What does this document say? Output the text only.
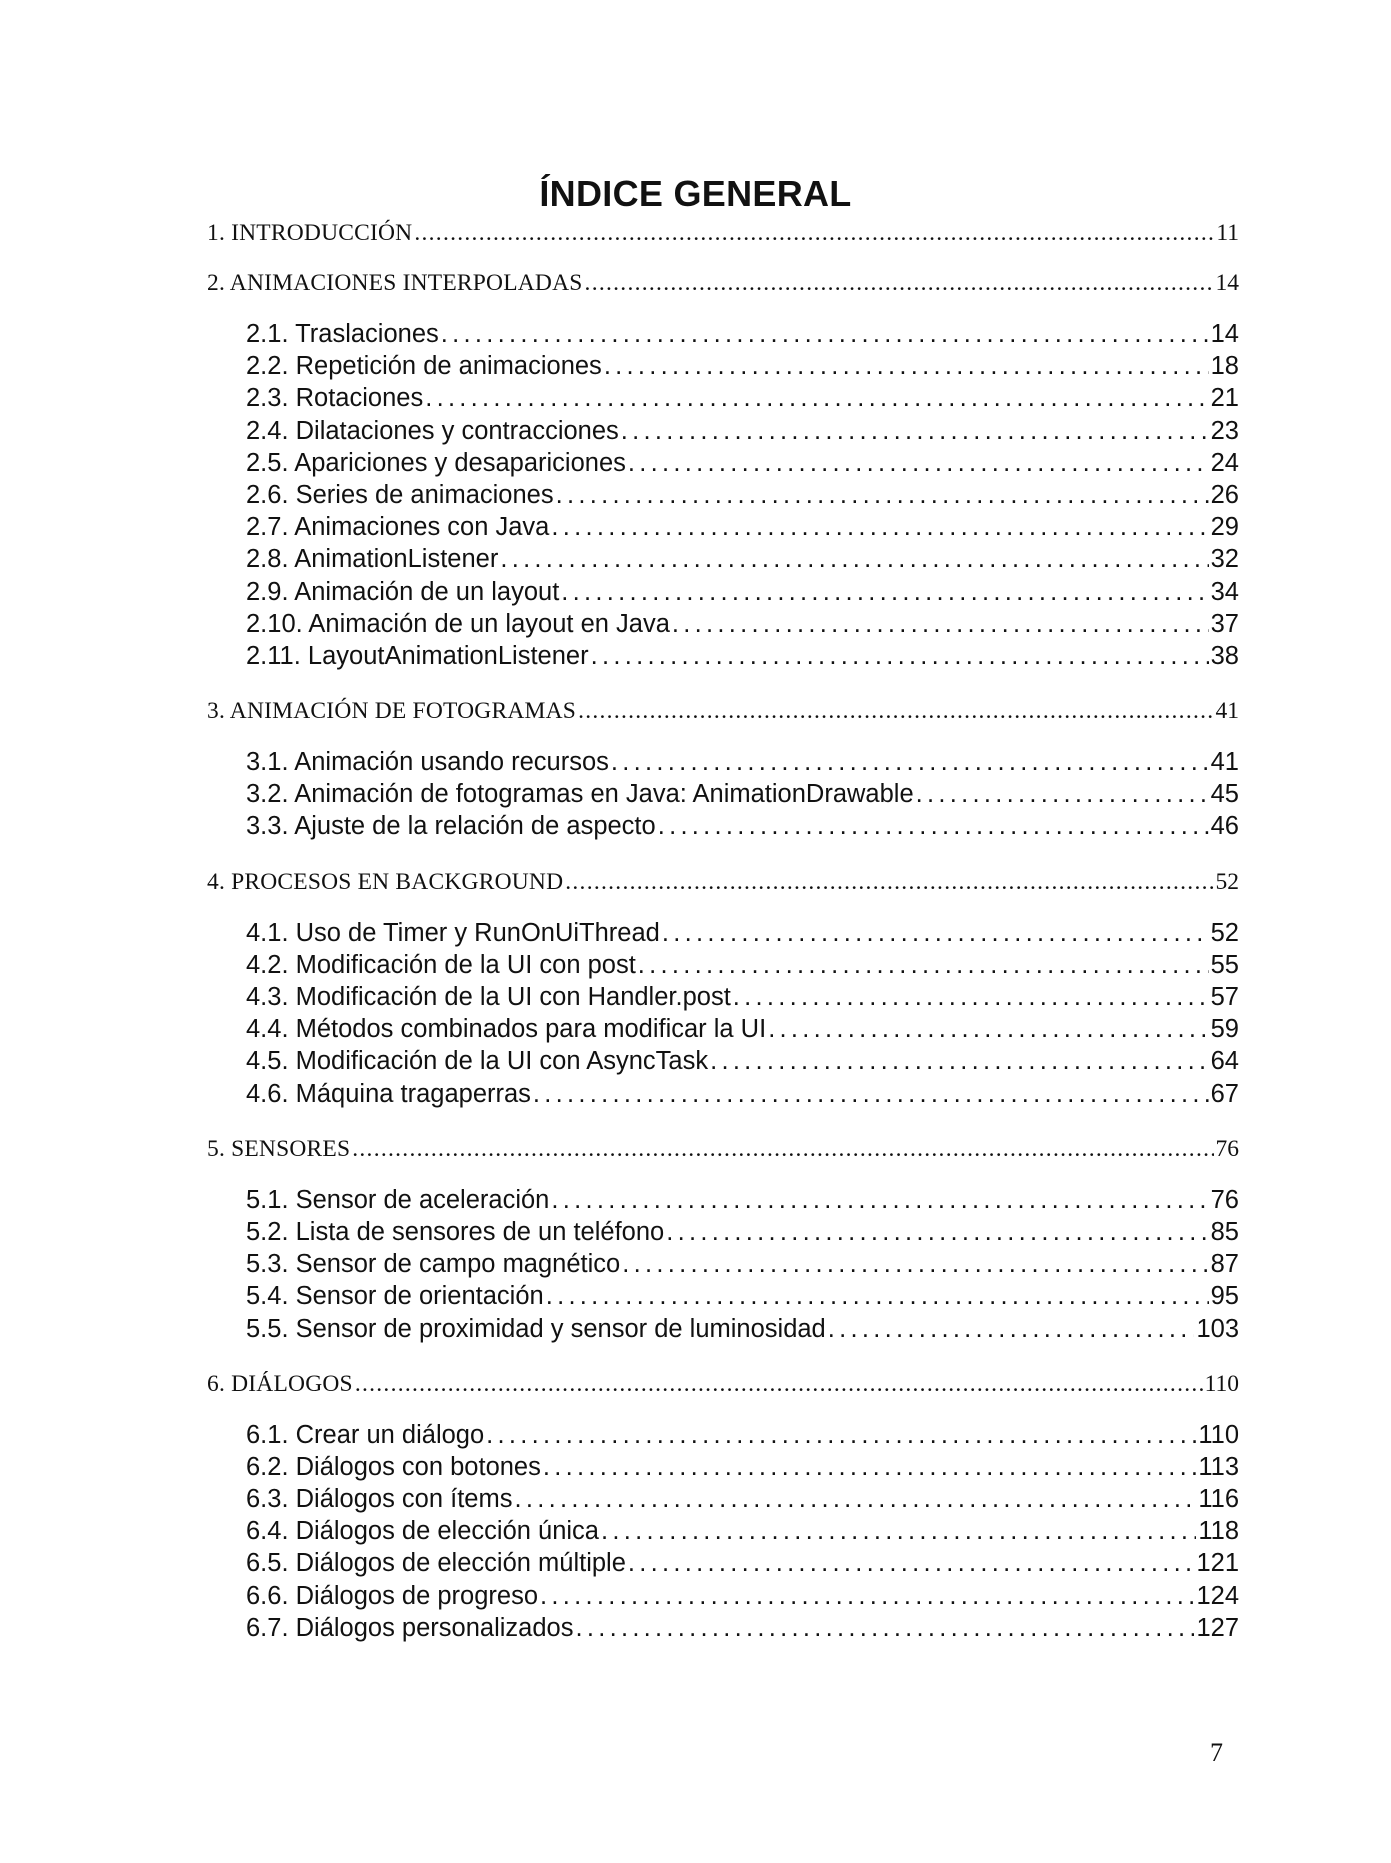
ÍNDICE GENERAL
1. INTRODUCCIÓN . . .	11
2. ANIMACIONES INTERPOLADAS . . .	14
2.1. Traslaciones . . .	14
2.2. Repetición de animaciones . . .	18
2.3. Rotaciones . . .	21
2.4. Dilataciones y contracciones . . .	23
2.5. Apariciones y desapariciones . . .	24
2.6. Series de animaciones . . .	26
2.7. Animaciones con Java . . .	29
2.8. AnimationListener . . .	32
2.9. Animación de un layout . . .	34
2.10. Animación de un layout en Java . . .	37
2.11. LayoutAnimationListener . . .	38
3. ANIMACIÓN DE FOTOGRAMAS . . .	41
3.1. Animación usando recursos . . .	41
3.2. Animación de fotogramas en Java: AnimationDrawable . . .	45
3.3. Ajuste de la relación de aspecto . . .	46
4. PROCESOS EN BACKGROUND . . .	52
4.1. Uso de Timer y RunOnUiThread . . .	52
4.2. Modificación de la UI con post . . .	55
4.3. Modificación de la UI con Handler.post . . .	57
4.4. Métodos combinados para modificar la UI . . .	59
4.5. Modificación de la UI con AsyncTask . . .	64
4.6. Máquina tragaperras . . .	67
5. SENSORES . . .	76
5.1. Sensor de aceleración . . .	76
5.2. Lista de sensores de un teléfono . . .	85
5.3. Sensor de campo magnético . . .	87
5.4. Sensor de orientación . . .	95
5.5. Sensor de proximidad y sensor de luminosidad . . .	103
6. DIÁLOGOS . . .	110
6.1. Crear un diálogo . . .	110
6.2. Diálogos con botones . . .	113
6.3. Diálogos con ítems . . .	116
6.4. Diálogos de elección única . . .	118
6.5. Diálogos de elección múltiple . . .	121
6.6. Diálogos de progreso . . .	124
6.7. Diálogos personalizados . . .	127
7
